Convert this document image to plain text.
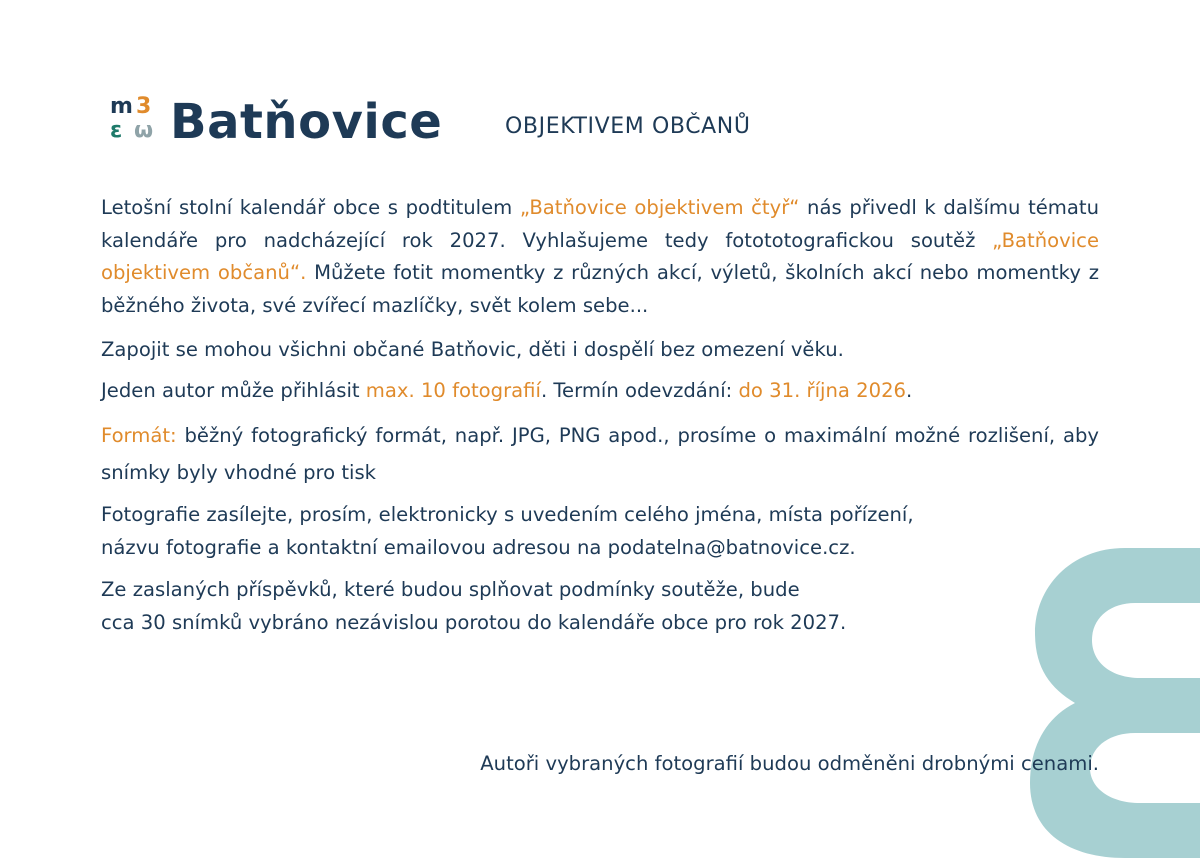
m 3
ε ω Batňovice	OBJEKTIVEM OBČANŮ

Letošní stolní kalendář obce s podtitulem „Batňovice objektivem čtyř“ nás přivedl k dalšímu tématu kalendáře pro nadcházející rok 2027. Vyhlašujeme tedy fotototografickou soutěž „Batňovice objektivem občanů“. Můžete fotit momentky z různých akcí, výletů, školních akcí nebo momentky z běžného života, své zvířecí mazlíčky, svět kolem sebe...

Zapojit se mohou všichni občané Batňovic, děti i dospělí bez omezení věku.

Jeden autor může přihlásit max. 10 fotografií. Termín odevzdání: do 31. října 2026.

Formát: běžný fotografický formát, např. JPG, PNG apod., prosíme o maximální možné rozlišení, aby snímky byly vhodné pro tisk

Fotografie zasílejte, prosím, elektronicky s uvedením celého jména, místa pořízení,
názvu fotografie a kontaktní emailovou adresou na podatelna@batnovice.cz.

Ze zaslaných příspěvků, které budou splňovat podmínky soutěže, bude
cca 30 snímků vybráno nezávislou porotou do kalendáře obce pro rok 2027.

Autoři vybraných fotografií budou odměněni drobnými cenami.
